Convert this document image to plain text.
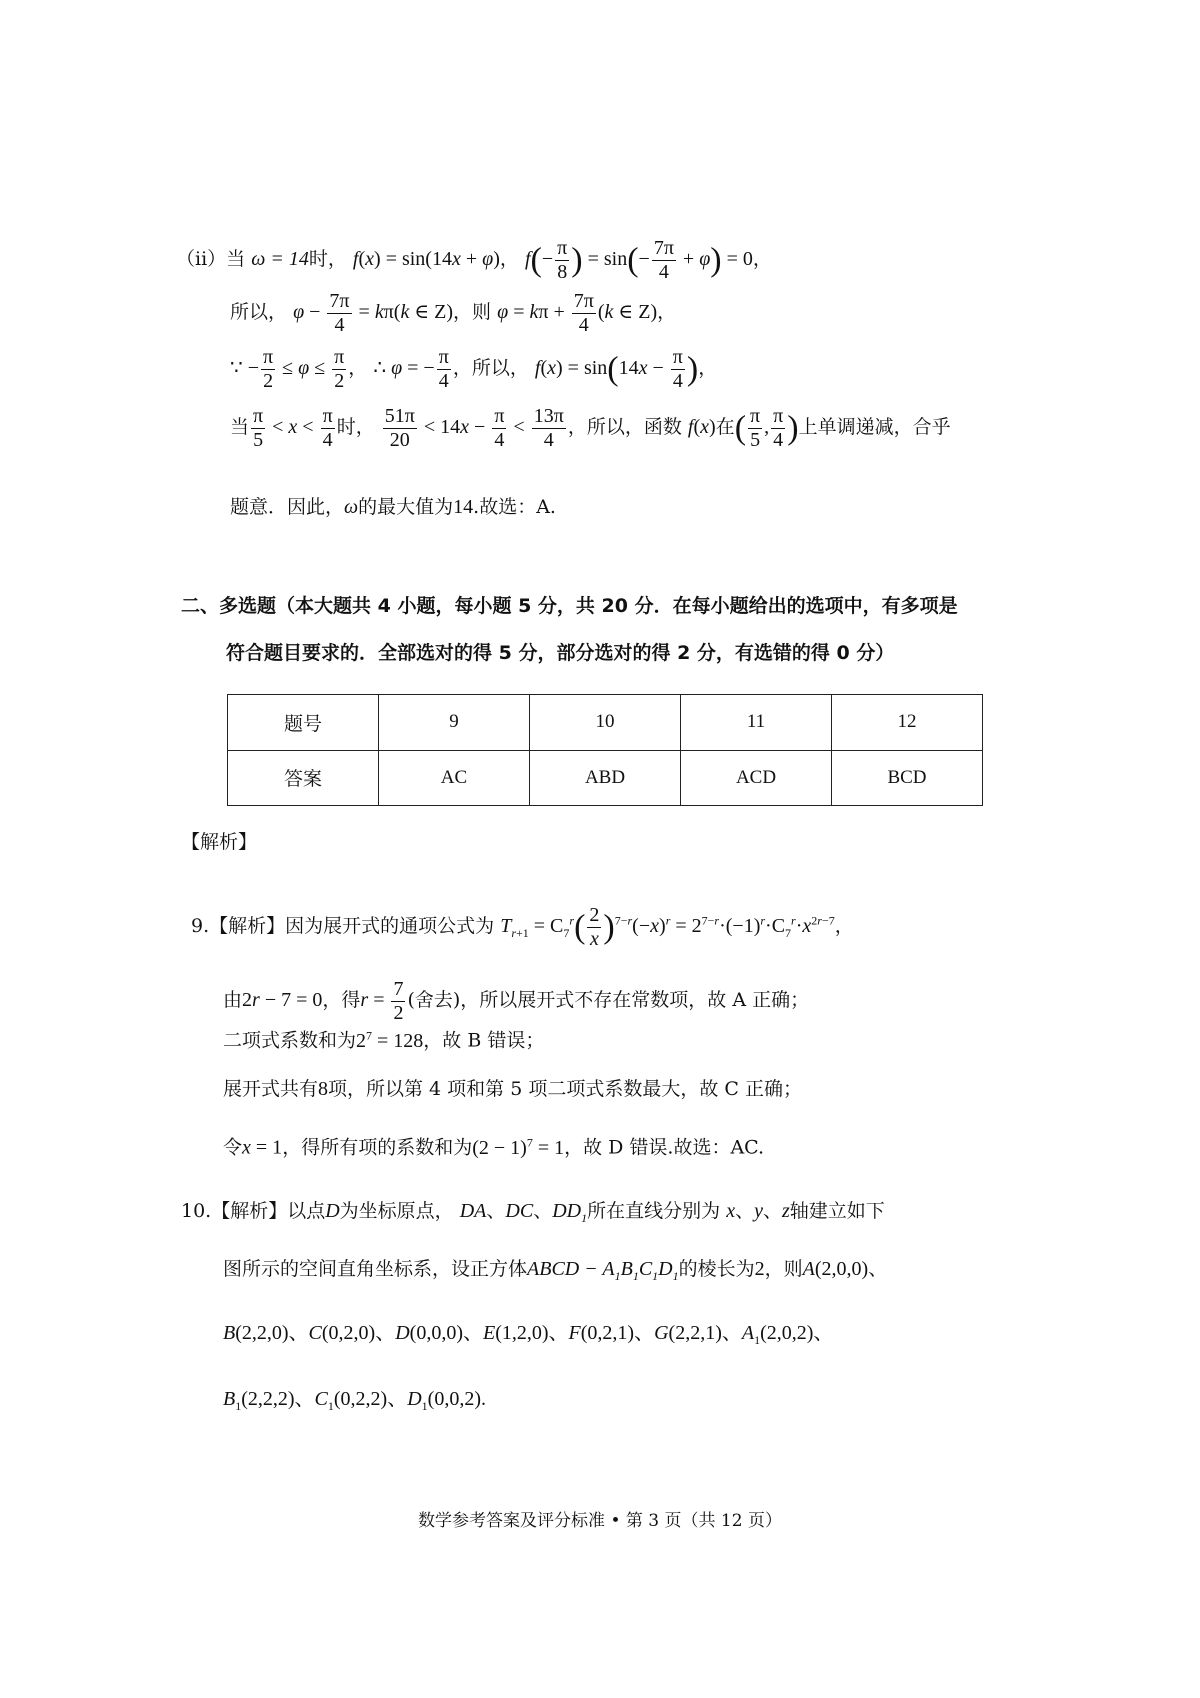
（ii）当 ω = 14时， f(x) = sin(14x + φ)， $f(- \frac{\pi}{8}$ ) = $\sin(- \frac{7\pi}{4} + \varphi) = 0$，
所以， $\varphi - \frac{7\pi}{4} = k\pi(k$ ∈ Z)，则 $\varphi = k\pi + \frac{7\pi}{4} (k$ ∈ Z)，
∵ − $\frac{\pi}{2} \le \varphi \le \frac{\pi}{2}$ ， ∴ φ = − $\frac{\pi}{4}$ ，所以， $f(x) = \sin(14x - \frac{\pi}{4}$ )，
当 $\frac{\pi}{5} < x < \frac{\pi}{4}$ 时， $\frac{51\pi}{20} < 14x - \frac{\pi}{4} < \frac{13\pi}{4}$ ，所以，函数 f(x)在( $\frac{\pi}{5}$ , $\frac{\pi}{4}$ )上单调递减，合乎
题意．因此，ω的最大值为14.故选：A.
二、多选题（本大题共 4 小题，每小题 5 分，共 20 分．在每小题给出的选项中，有多项是
符合题目要求的．全部选对的得 5 分，部分选对的得 2 分，有选错的得 0 分）
题号	9	10	11	12
答案	AC	ABD	ACD	BCD
【解析】
9.【解析】因为展开式的通项公式为 $T_{r+1} = C_7^r( \frac{2}{x} )^{7-r}(-x)^r = 2^{7-r}\cdot(-1)^r\cdot C_7^r\cdot x^{2r-7}$，
由2r − 7 = 0，得$r = \frac{7}{2}$ (舍去)，所以展开式不存在常数项，故 A 正确；
二项式系数和为$2^7 = 128$，故 B 错误；
展开式共有8项，所以第 4 项和第 5 项二项式系数最大，故 C 正确；
令x = 1，得所有项的系数和为$(2 - 1)^7 = 1$，故 D 错误.故选：AC.
10.【解析】以点D为坐标原点， DA、DC、$DD_1$所在直线分别为 x、y、z轴建立如下
图所示的空间直角坐标系，设正方体ABCD − $A_1B_1C_1D_1$的棱长为2，则A(2,0,0)、
B(2,2,0)、C(0,2,0)、D(0,0,0)、E(1,2,0)、F(0,2,1)、G(2,2,1)、$A_1(2,0,2)$、
$B_1(2,2,2)$、$C_1(0,2,2)$、$D_1(0,0,2)$.
数学参考答案及评分标准 • 第 3 页（共 12 页）
